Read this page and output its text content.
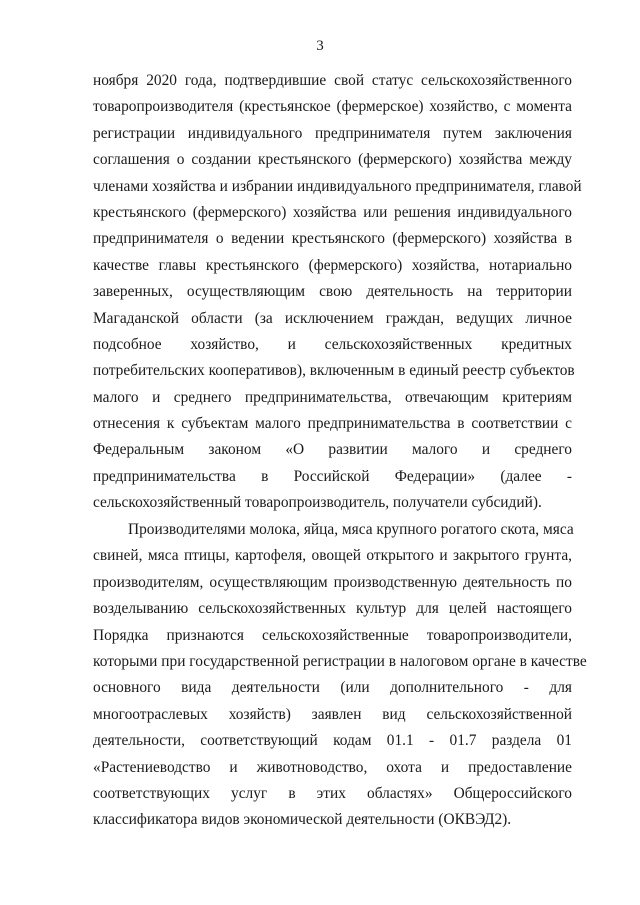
3
ноября 2020 года, подтвердившие свой статус сельскохозяйственного
товаропроизводителя (крестьянское (фермерское) хозяйство, с момента
регистрации индивидуального предпринимателя путем заключения
соглашения о создании крестьянского (фермерского) хозяйства между
членами хозяйства и избрании индивидуального предпринимателя, главой
крестьянского (фермерского) хозяйства или решения индивидуального
предпринимателя о ведении крестьянского (фермерского) хозяйства в
качестве главы крестьянского (фермерского) хозяйства, нотариально
заверенных, осуществляющим свою деятельность на территории
Магаданской области (за исключением граждан, ведущих личное
подсобное хозяйство, и сельскохозяйственных кредитных
потребительских кооперативов), включенным в единый реестр субъектов
малого и среднего предпринимательства, отвечающим критериям
отнесения к субъектам малого предпринимательства в соответствии с
Федеральным законом «О развитии малого и среднего
предпринимательства в Российской Федерации» (далее -
сельскохозяйственный товаропроизводитель, получатели субсидий).
Производителями молока, яйца, мяса крупного рогатого скота, мяса
свиней, мяса птицы, картофеля, овощей открытого и закрытого грунта,
производителям, осуществляющим производственную деятельность по
возделыванию сельскохозяйственных культур для целей настоящего
Порядка признаются сельскохозяйственные товаропроизводители,
которыми при государственной регистрации в налоговом органе в качестве
основного вида деятельности (или дополнительного - для
многоотраслевых хозяйств) заявлен вид сельскохозяйственной
деятельности, соответствующий кодам 01.1 - 01.7 раздела 01
«Растениеводство и животноводство, охота и предоставление
соответствующих услуг в этих областях» Общероссийского
классификатора видов экономической деятельности (ОКВЭД2).
